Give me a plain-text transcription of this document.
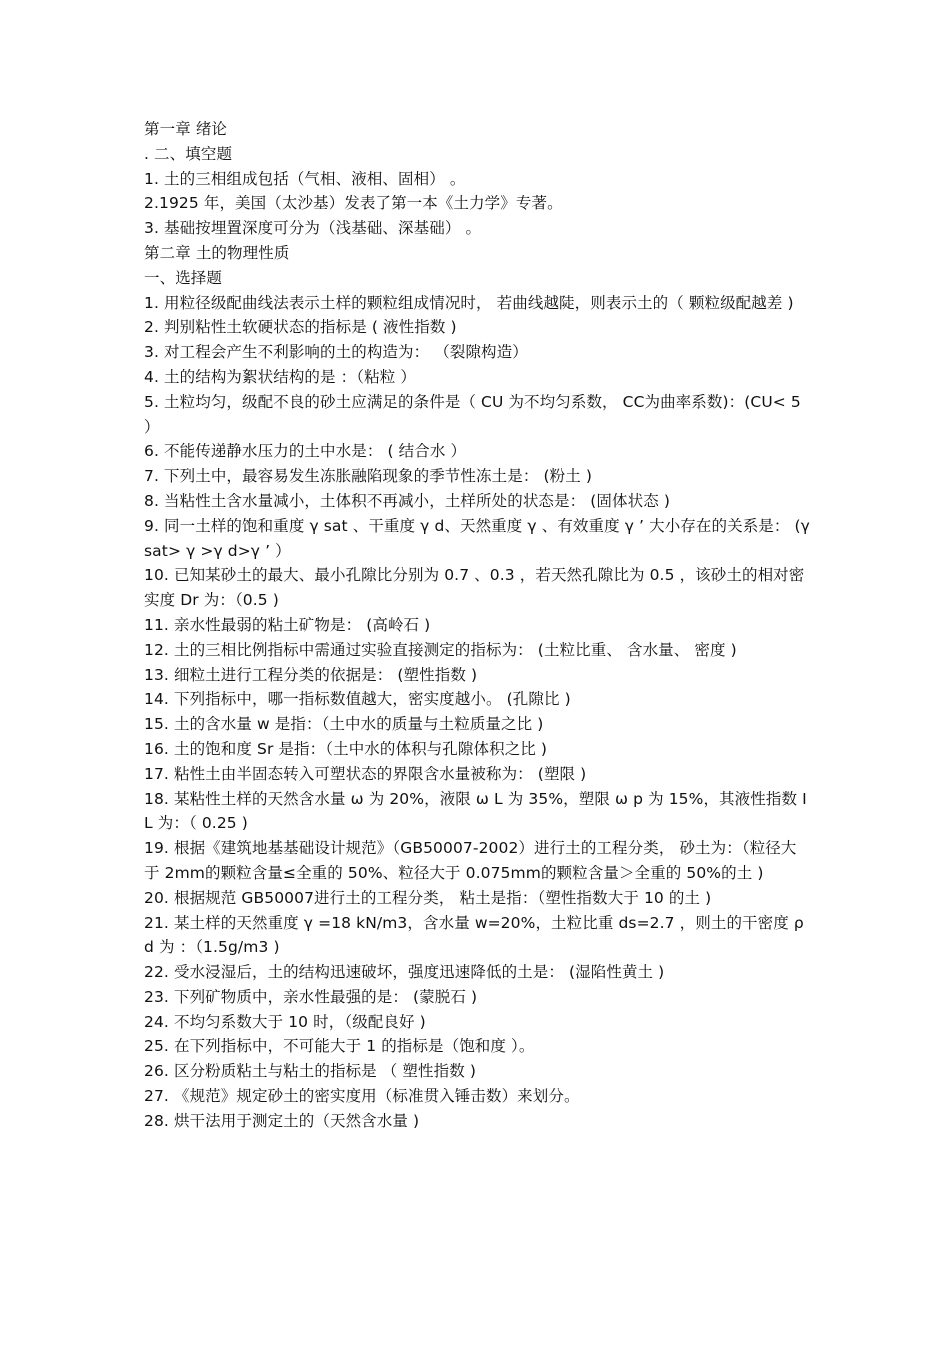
第一章 绪论

. 二、填空题

1. 土的三相组成包括（气相、液相、固相） 。

2.1925 年，美国（太沙基）发表了第一本《土力学》专著。

3. 基础按埋置深度可分为（浅基础、深基础） 。

第二章 土的物理性质

一、选择题

1. 用粒径级配曲线法表示土样的颗粒组成情况时， 若曲线越陡，则表示土的（ 颗粒级配越差 )

2. 判别粘性土软硬状态的指标是 ( 液性指数 )

3. 对工程会产生不利影响的土的构造为： （裂隙构造）

4. 土的结构为絮状结构的是 ：（粘粒 ）

5. 土粒均匀，级配不良的砂土应满足的条件是（ CU 为不均匀系数， CC为曲率系数)：(CU< 5 ）

6. 不能传递静水压力的土中水是： ( 结合水 ）

7. 下列土中，最容易发生冻胀融陷现象的季节性冻土是： (粉土 )

8. 当粘性土含水量减小，土体积不再减小，土样所处的状态是： (固体状态 )

9. 同一土样的饱和重度 γ sat 、干重度 γ d、天然重度 γ 、有效重度 γ ’ 大小存在的关系是： (γ sat> γ >γ d>γ ’ ）

10. 已知某砂土的最大、最小孔隙比分别为 0.7 、0.3 ，若天然孔隙比为 0.5 ，该砂土的相对密实度 Dr 为：（0.5 )

11. 亲水性最弱的粘土矿物是： (高岭石 )

12. 土的三相比例指标中需通过实验直接测定的指标为： (土粒比重、 含水量、 密度 )

13. 细粒土进行工程分类的依据是： (塑性指数 )

14. 下列指标中，哪一指标数值越大，密实度越小。 (孔隙比 )

15. 土的含水量 w 是指：（土中水的质量与土粒质量之比 )

16. 土的饱和度 Sr 是指：（土中水的体积与孔隙体积之比 )

17. 粘性土由半固态转入可塑状态的界限含水量被称为： (塑限 )

18. 某粘性土样的天然含水量 ω 为 20%，液限 ω L 为 35%，塑限 ω p 为 15%，其液性指数 IL 为：（ 0.25 )

19. 根据《建筑地基基础设计规范》（GB50007-2002）进行土的工程分类， 砂土为：（粒径大于 2mm的颗粒含量≤全重的 50%、粒径大于 0.075mm的颗粒含量＞全重的 50%的土 )

20. 根据规范 GB50007进行土的工程分类， 粘土是指：（塑性指数大于 10 的土 )

21. 某土样的天然重度 γ =18 kN/m3，含水量 w=20%，土粒比重 ds=2.7 ，则土的干密度 ρ d 为 ：（1.5g/m3 )

22. 受水浸湿后，土的结构迅速破坏，强度迅速降低的土是： (湿陷性黄土 )

23. 下列矿物质中，亲水性最强的是： (蒙脱石 )

24. 不均匀系数大于 10 时，（级配良好 )

25. 在下列指标中，不可能大于 1 的指标是（饱和度 ）。

26. 区分粉质粘土与粘土的指标是 （ 塑性指数 )

27. 《规范》规定砂土的密实度用（标准贯入锤击数）来划分。

28. 烘干法用于测定土的（天然含水量 )
